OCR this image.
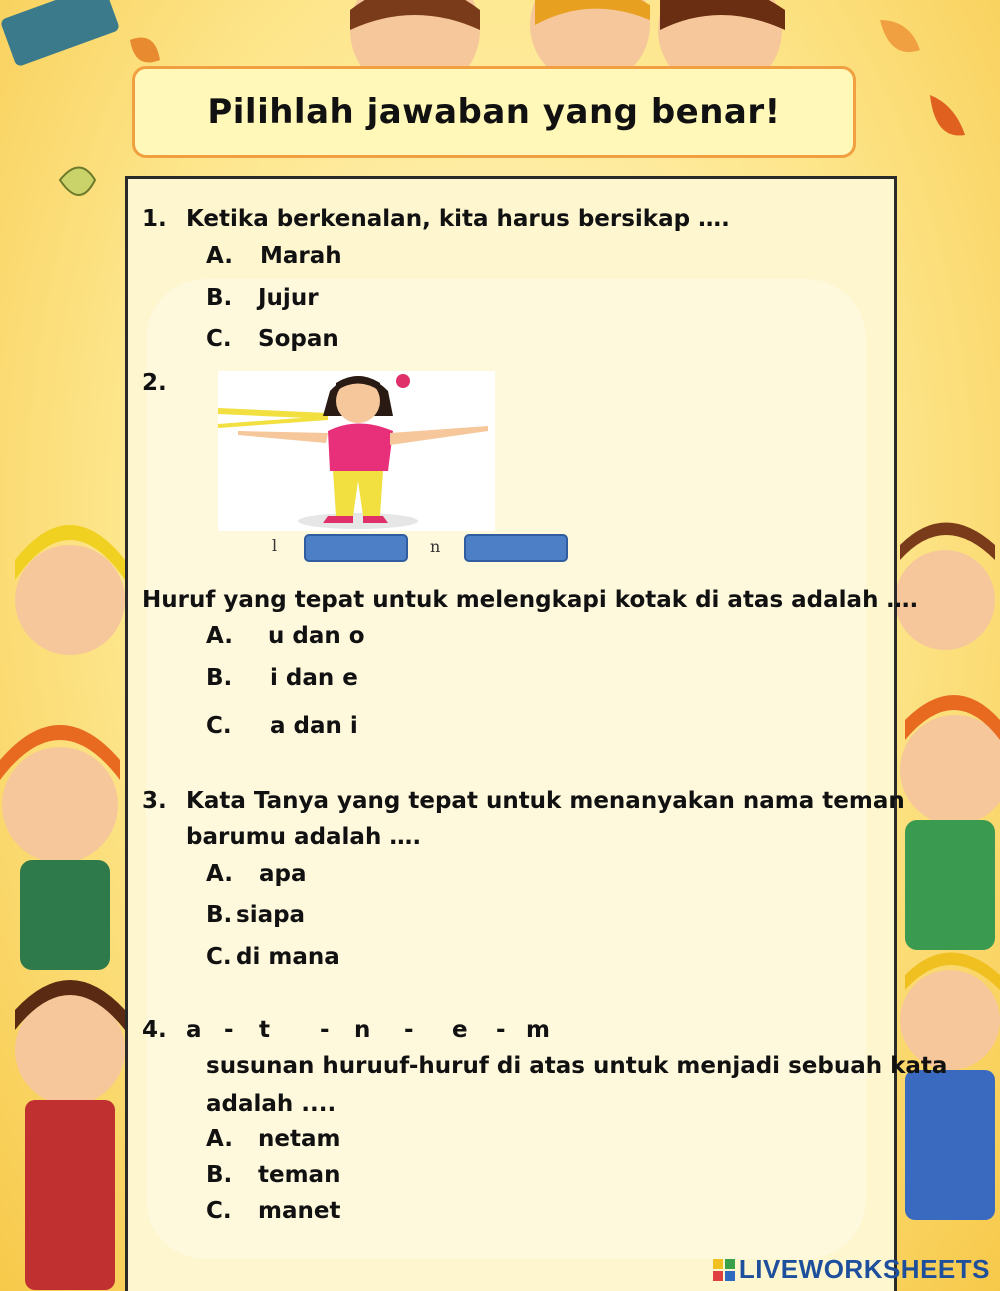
Pilihlah jawaban yang benar!
1. Ketika berkenalan, kita harus bersikap ….
A. Marah
B. Jujur
C. Sopan
2.
l	n
Huruf yang tepat untuk melengkapi kotak di atas adalah ….
A. u dan o
B. i dan e
C. a dan i
3. Kata Tanya yang tepat untuk menanyakan nama teman
barumu adalah ….
A. apa
B. siapa
C. di mana
4. a - t - n - e - m
susunan huruuf-huruf di atas untuk menjadi sebuah kata
adalah ....
A. netam
B. teman
C. manet
LIVEWORKSHEETS
